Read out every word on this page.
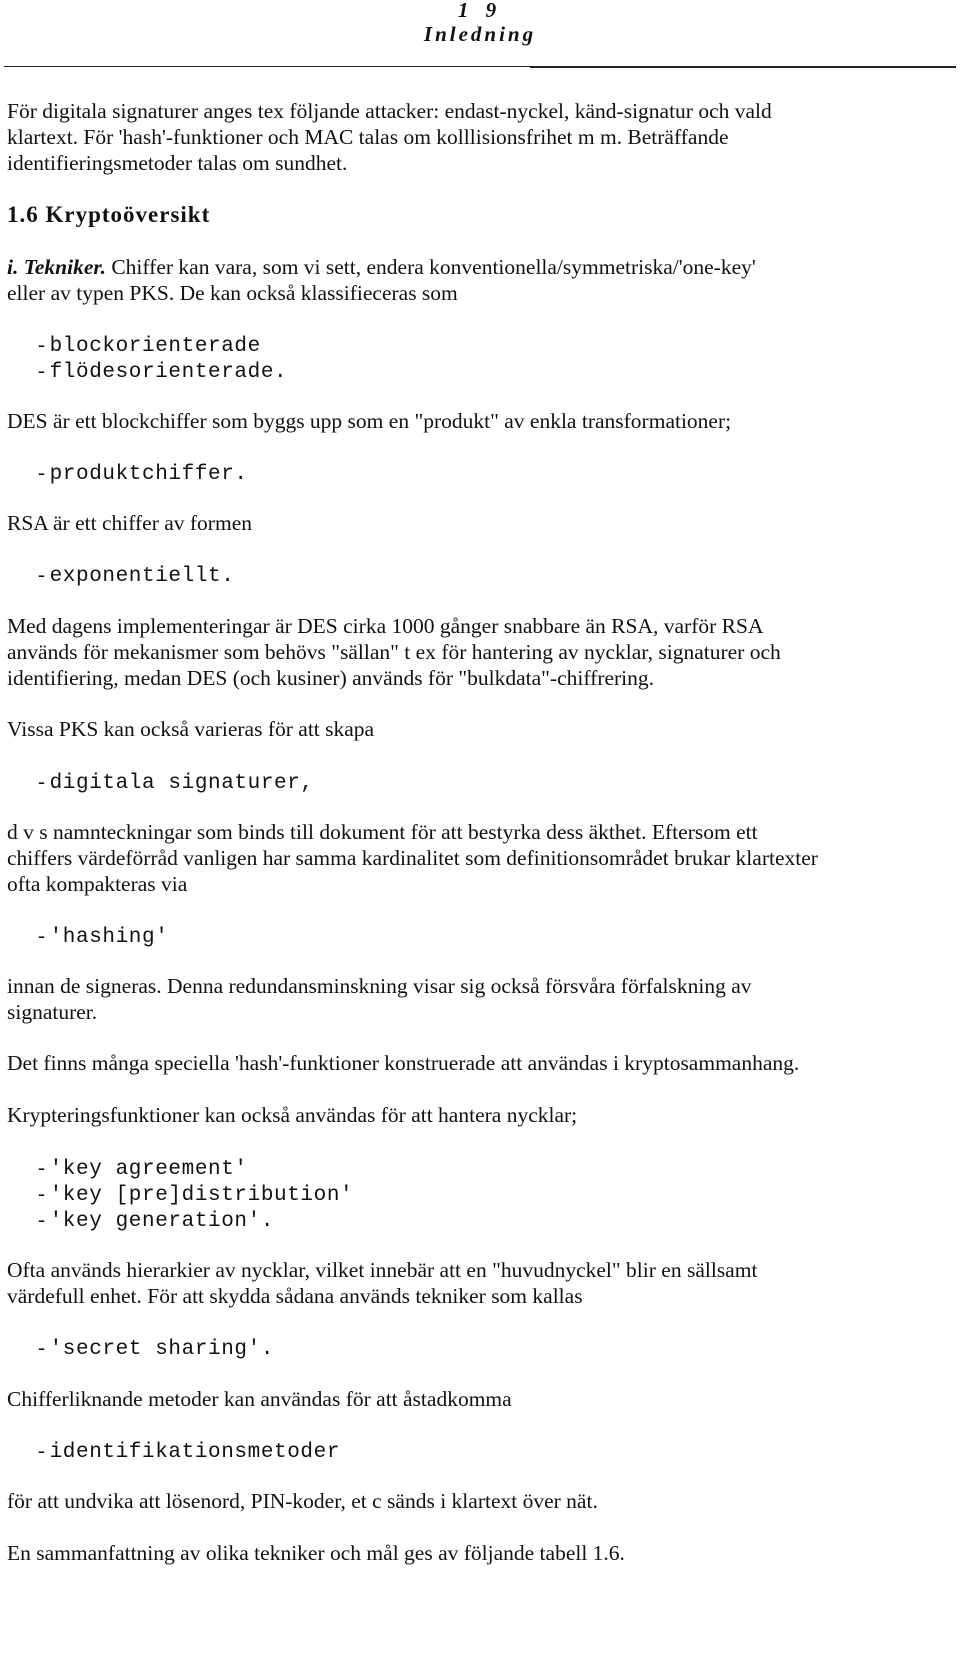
1 9
Inledning
För digitala signaturer anges tex följande attacker: endast-nyckel, känd-signatur och vald
klartext. För 'hash'-funktioner och MAC talas om kolllisionsfrihet m m. Beträffande
identifieringsmetoder talas om sundhet.
1.6 Kryptoöversikt
i. Tekniker. Chiffer kan vara, som vi sett, endera konventionella/symmetriska/'one-key'
eller av typen PKS. De kan också klassifieceras som
- blockorienterade
- flödesorienterade.
DES är ett blockchiffer som byggs upp som en "produkt" av enkla transformationer;
- produktchiffer.
RSA är ett chiffer av formen
- exponentiellt.
Med dagens implementeringar är DES cirka 1000 gånger snabbare än RSA, varför RSA
används för mekanismer som behövs "sällan" t ex för hantering av nycklar, signaturer och
identifiering, medan DES (och kusiner) används för "bulkdata"-chiffrering.
Vissa PKS kan också varieras för att skapa
- digitala signaturer,
d v s namnteckningar som binds till dokument för att bestyrka dess äkthet. Eftersom ett
chiffers värdeförråd vanligen har samma kardinalitet som definitionsområdet brukar klartexter
ofta kompakteras via
- 'hashing'
innan de signeras. Denna redundansminskning visar sig också försvåra förfalskning av
signaturer.
Det finns många speciella 'hash'-funktioner konstruerade att användas i kryptosammanhang.
Krypteringsfunktioner kan också användas för att hantera nycklar;
- 'key agreement'
- 'key [pre]distribution'
- 'key generation'.
Ofta används hierarkier av nycklar, vilket innebär att en "huvudnyckel" blir en sällsamt
värdefull enhet. För att skydda sådana används tekniker som kallas
- 'secret sharing'.
Chifferliknande metoder kan användas för att åstadkomma
- identifikationsmetoder
för att undvika att lösenord, PIN-koder, et c sänds i klartext över nät.
En sammanfattning av olika tekniker och mål ges av följande tabell 1.6.
